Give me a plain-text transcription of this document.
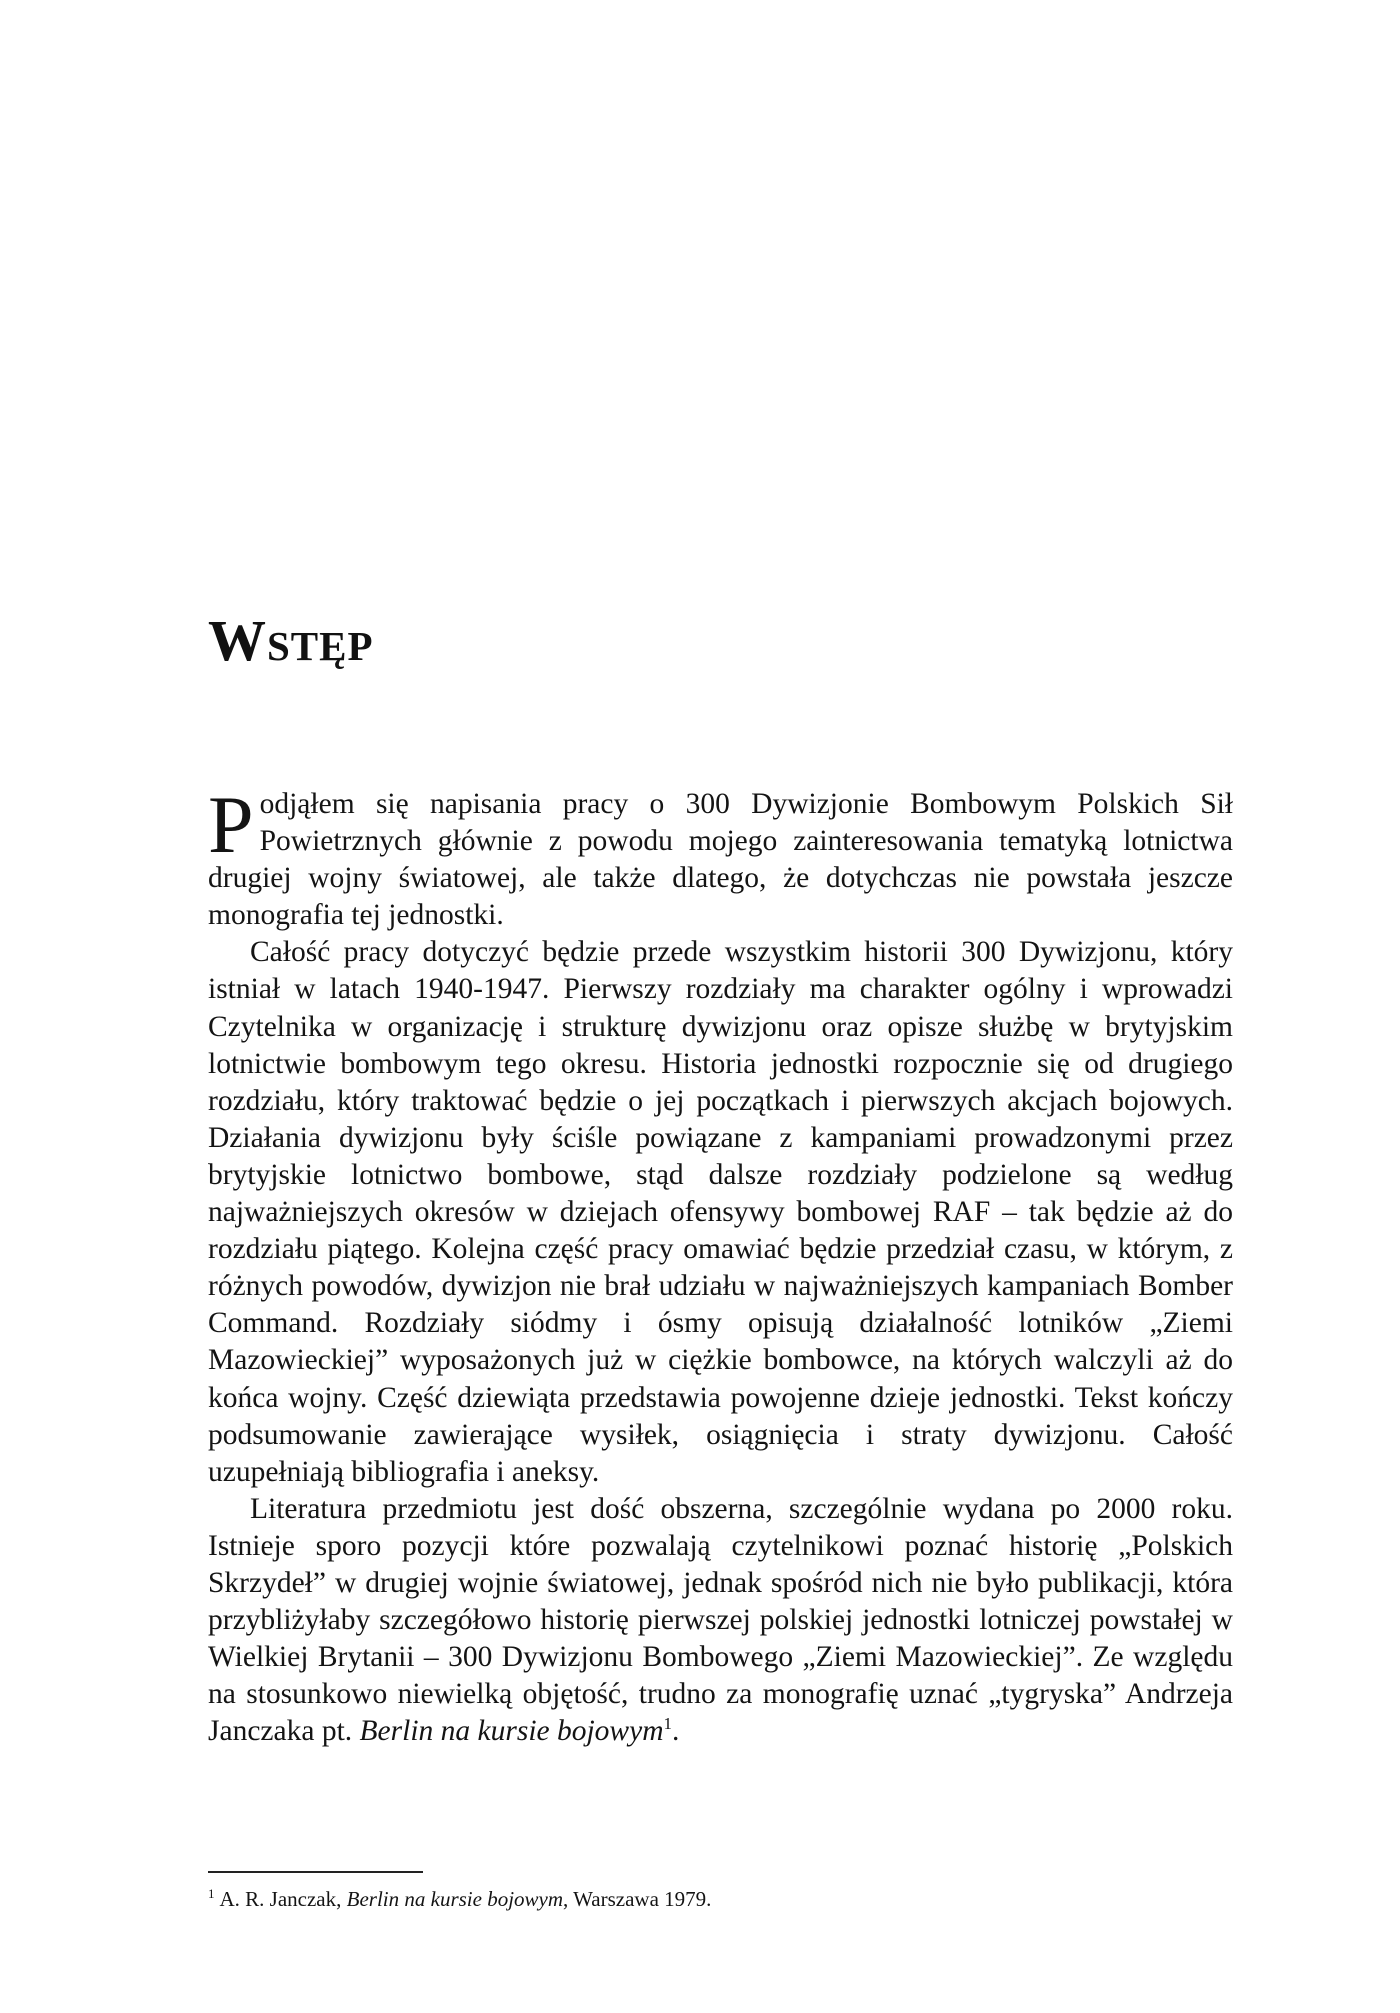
Wstęp

Podjąłem się napisania pracy o 300 Dywizjonie Bombowym Polskich Sił Powietrznych głównie z powodu mojego zainteresowania tematyką lotnictwa drugiej wojny światowej, ale także dlatego, że dotychczas nie powstała jeszcze monografia tej jednostki.

Całość pracy dotyczyć będzie przede wszystkim historii 300 Dywizjonu, który istniał w latach 1940-1947. Pierwszy rozdziały ma charakter ogólny i wprowadzi Czytelnika w organizację i strukturę dywizjonu oraz opisze służbę w brytyjskim lotnictwie bombowym tego okresu. Historia jednostki rozpocznie się od drugiego rozdziału, który traktować będzie o jej początkach i pierwszych akcjach bojowych. Działania dywizjonu były ściśle powiązane z kampaniami prowadzonymi przez brytyjskie lotnictwo bombowe, stąd dalsze rozdziały podzielone są według najważniejszych okresów w dziejach ofensywy bombowej RAF – tak będzie aż do rozdziału piątego. Kolejna część pracy omawiać będzie przedział czasu, w którym, z różnych powodów, dywizjon nie brał udziału w najważniejszych kampaniach Bomber Command. Rozdziały siódmy i ósmy opisują działalność lotników „Ziemi Mazowieckiej” wyposażonych już w ciężkie bombowce, na których walczyli aż do końca wojny. Część dziewiąta przedstawia powojenne dzieje jednostki. Tekst kończy podsumowanie zawierające wysiłek, osiągnięcia i straty dywizjonu. Całość uzupełniają bibliografia i aneksy.

Literatura przedmiotu jest dość obszerna, szczególnie wydana po 2000 roku. Istnieje sporo pozycji które pozwalają czytelnikowi poznać historię „Polskich Skrzydeł” w drugiej wojnie światowej, jednak spośród nich nie było publikacji, która przybliżyłaby szczegółowo historię pierwszej polskiej jednostki lotniczej powstałej w Wielkiej Brytanii – 300 Dywizjonu Bombowego „Ziemi Mazowieckiej”. Ze względu na stosunkowo niewielką objętość, trudno za monografię uznać „tygryska” Andrzeja Janczaka pt. Berlin na kursie bojowym$^1$.

$^1$ A. R. Janczak, Berlin na kursie bojowym, Warszawa 1979.
